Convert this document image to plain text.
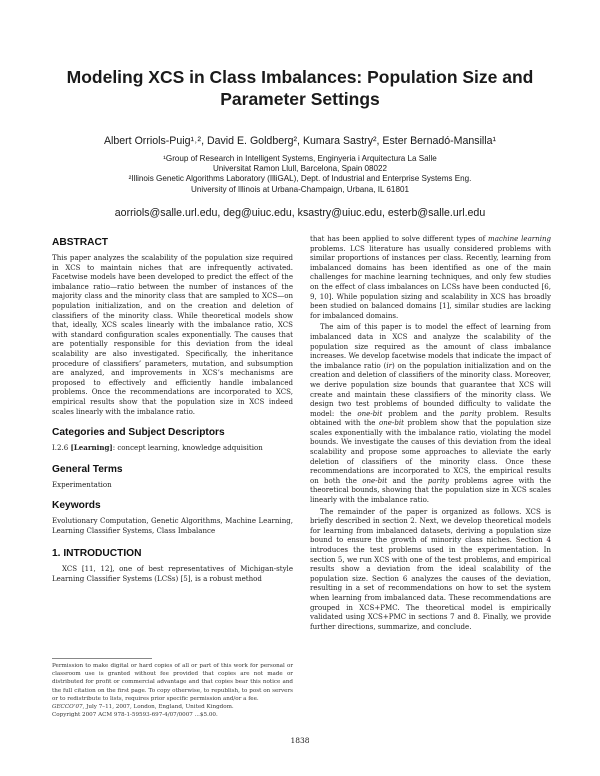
Modeling XCS in Class Imbalances: Population Size and Parameter Settings
Albert Orriols-Puig¹˒², David E. Goldberg², Kumara Sastry², Ester Bernadó-Mansilla¹
¹Group of Research in Intelligent Systems, Enginyeria i Arquitectura La Salle
Universitat Ramon Llull, Barcelona, Spain 08022
²Illinois Genetic Algorithms Laboratory (IlliGAL), Dept. of Industrial and Enterprise Systems Eng.
University of Illinois at Urbana-Champaign, Urbana, IL 61801
aorriols@salle.url.edu, deg@uiuc.edu, ksastry@uiuc.edu, esterb@salle.url.edu
ABSTRACT

This paper analyzes the scalability of the population size required in XCS to maintain niches that are infrequently activated. Facetwise models have been developed to predict the effect of the imbalance ratio—ratio between the number of instances of the majority class and the minority class that are sampled to XCS—on population initialization, and on the creation and deletion of classifiers of the minority class. While theoretical models show that, ideally, XCS scales linearly with the imbalance ratio, XCS with standard configuration scales exponentially. The causes that are potentially responsible for this deviation from the ideal scalability are also investigated. Specifically, the inheritance procedure of classifiers’ parameters, mutation, and subsumption are analyzed, and improvements in XCS’s mechanisms are proposed to effectively and efficiently handle imbalanced problems. Once the recommendations are incorporated to XCS, empirical results show that the population size in XCS indeed scales linearly with the imbalance ratio.

Categories and Subject Descriptors

I.2.6 [Learning]: concept learning, knowledge adquisition

General Terms

Experimentation

Keywords

Evolutionary Computation, Genetic Algorithms, Machine Learning, Learning Classifier Systems, Class Imbalance

1. INTRODUCTION

XCS [11, 12], one of best representatives of Michigan-style Learning Classifier Systems (LCSs) [5], is a robust method

Permission to make digital or hard copies of all or part of this work for personal or classroom use is granted without fee provided that copies are not made or distributed for profit or commercial advantage and that copies bear this notice and the full citation on the first page. To copy otherwise, to republish, to post on servers or to redistribute to lists, requires prior specific permission and/or a fee.

GECCO’07, July 7–11, 2007, London, England, United Kingdom.

Copyright 2007 ACM 978-1-59593-697-4/07/0007 ...$5.00.

that has been applied to solve different types of machine learning problems. LCS literature has usually considered problems with similar proportions of instances per class. Recently, learning from imbalanced domains has been identified as one of the main challenges for machine learning techniques, and only few studies on the effect of class imbalances on LCSs have been conducted [6, 9, 10]. While population sizing and scalability in XCS has broadly been studied on balanced domains [1], similar studies are lacking for imbalanced domains.

The aim of this paper is to model the effect of learning from imbalanced data in XCS and analyze the scalability of the population size required as the amount of class imbalance increases. We develop facetwise models that indicate the impact of the imbalance ratio (ir) on the population initialization and on the creation and deletion of classifiers of the minority class. Moreover, we derive population size bounds that guarantee that XCS will create and maintain these classifiers of the minority class. We design two test problems of bounded difficulty to validate the model: the one-bit problem and the parity problem. Results obtained with the one-bit problem show that the population size scales exponentially with the imbalance ratio, violating the model bounds. We investigate the causes of this deviation from the ideal scalability and propose some approaches to alleviate the early deletion of classifiers of the minority class. Once these recommendations are incorporated to XCS, the empirical results on both the one-bit and the parity problems agree with the theoretical bounds, showing that the population size in XCS scales linearly with the imbalance ratio.

The remainder of the paper is organized as follows. XCS is briefly described in section 2. Next, we develop theoretical models for learning from imbalanced datasets, deriving a population size bound to ensure the growth of minority class niches. Section 4 introduces the test problems used in the experimentation. In section 5, we run XCS with one of the test problems, and empirical results show a deviation from the ideal scalability of the population size. Section 6 analyzes the causes of the deviation, resulting in a set of recommendations on how to set the system when learning from imbalanced data. These recommendations are grouped in XCS+PMC. The theoretical model is empirically validated using XCS+PMC in sections 7 and 8. Finally, we provide further directions, summarize, and conclude.

1838
